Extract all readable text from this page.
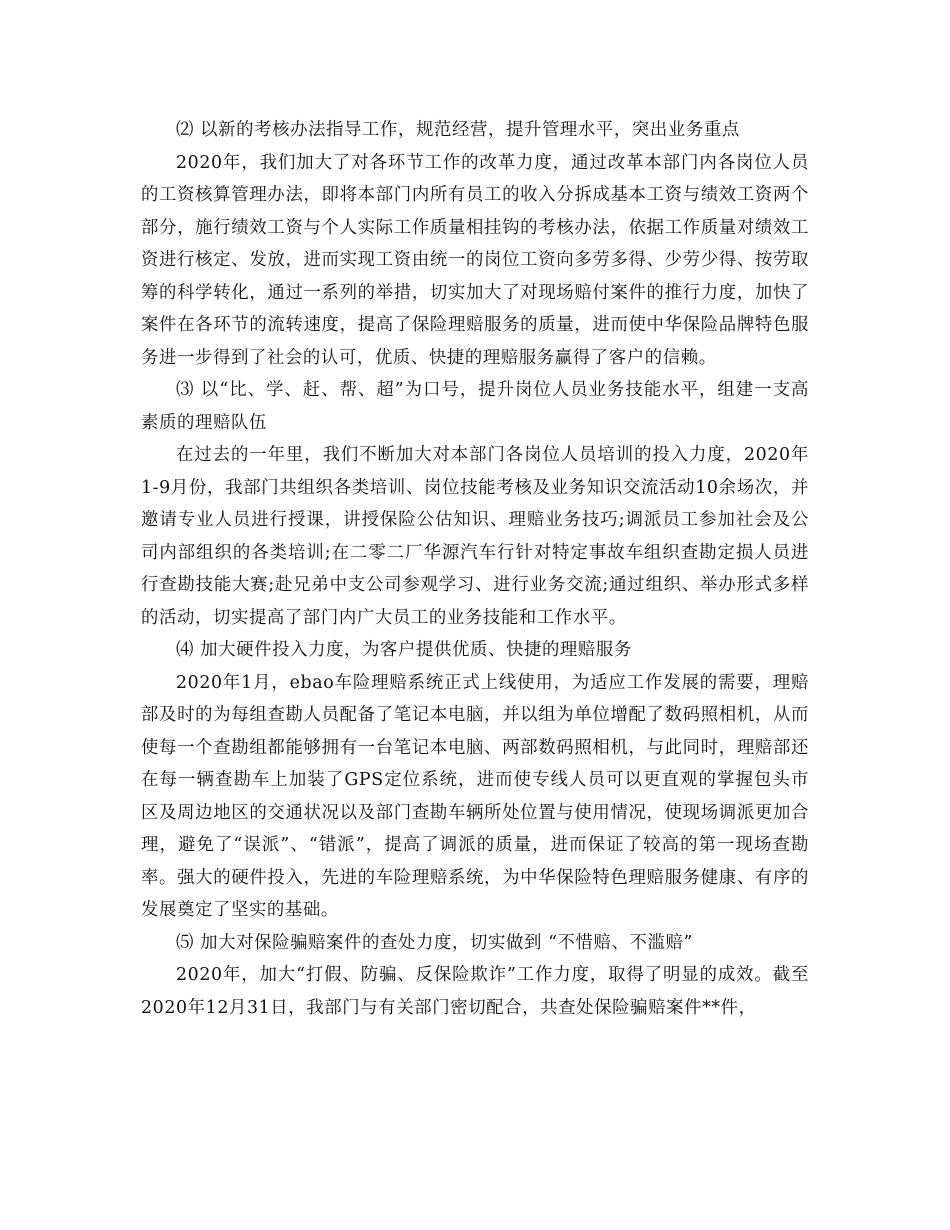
⑵ 以新的考核办法指导工作，规范经营，提升管理水平，突出业务重点

2020年，我们加大了对各环节工作的改革力度，通过改革本部门内各岗位人员的工资核算管理办法，即将本部门内所有员工的收入分拆成基本工资与绩效工资两个部分，施行绩效工资与个人实际工作质量相挂钩的考核办法，依据工作质量对绩效工资进行核定、发放，进而实现工资由统一的岗位工资向多劳多得、少劳少得、按劳取筹的科学转化，通过一系列的举措，切实加大了对现场赔付案件的推行力度，加快了案件在各环节的流转速度，提高了保险理赔服务的质量，进而使中华保险品牌特色服务进一步得到了社会的认可，优质、快捷的理赔服务赢得了客户的信赖。

⑶ 以“比、学、赶、帮、超”为口号，提升岗位人员业务技能水平，组建一支高素质的理赔队伍

在过去的一年里，我们不断加大对本部门各岗位人员培训的投入力度，2020年1-9月份，我部门共组织各类培训、岗位技能考核及业务知识交流活动10余场次，并邀请专业人员进行授课，讲授保险公估知识、理赔业务技巧;调派员工参加社会及公司内部组织的各类培训;在二零二厂华源汽车行针对特定事故车组织查勘定损人员进行查勘技能大赛;赴兄弟中支公司参观学习、进行业务交流;通过组织、举办形式多样的活动，切实提高了部门内广大员工的业务技能和工作水平。

⑷ 加大硬件投入力度，为客户提供优质、快捷的理赔服务

2020年1月，ebao车险理赔系统正式上线使用，为适应工作发展的需要，理赔部及时的为每组查勘人员配备了笔记本电脑，并以组为单位增配了数码照相机，从而使每一个查勘组都能够拥有一台笔记本电脑、两部数码照相机，与此同时，理赔部还在每一辆查勘车上加装了GPS定位系统，进而使专线人员可以更直观的掌握包头市区及周边地区的交通状况以及部门查勘车辆所处位置与使用情况，使现场调派更加合理，避免了“误派”、“错派”，提高了调派的质量，进而保证了较高的第一现场查勘率。强大的硬件投入，先进的车险理赔系统，为中华保险特色理赔服务健康、有序的发展奠定了坚实的基础。

⑸ 加大对保险骗赔案件的查处力度，切实做到 “不惜赔、不滥赔”

2020年，加大“打假、防骗、反保险欺诈”工作力度，取得了明显的成效。截至2020年12月31日，我部门与有关部门密切配合，共查处保险骗赔案件**件，
